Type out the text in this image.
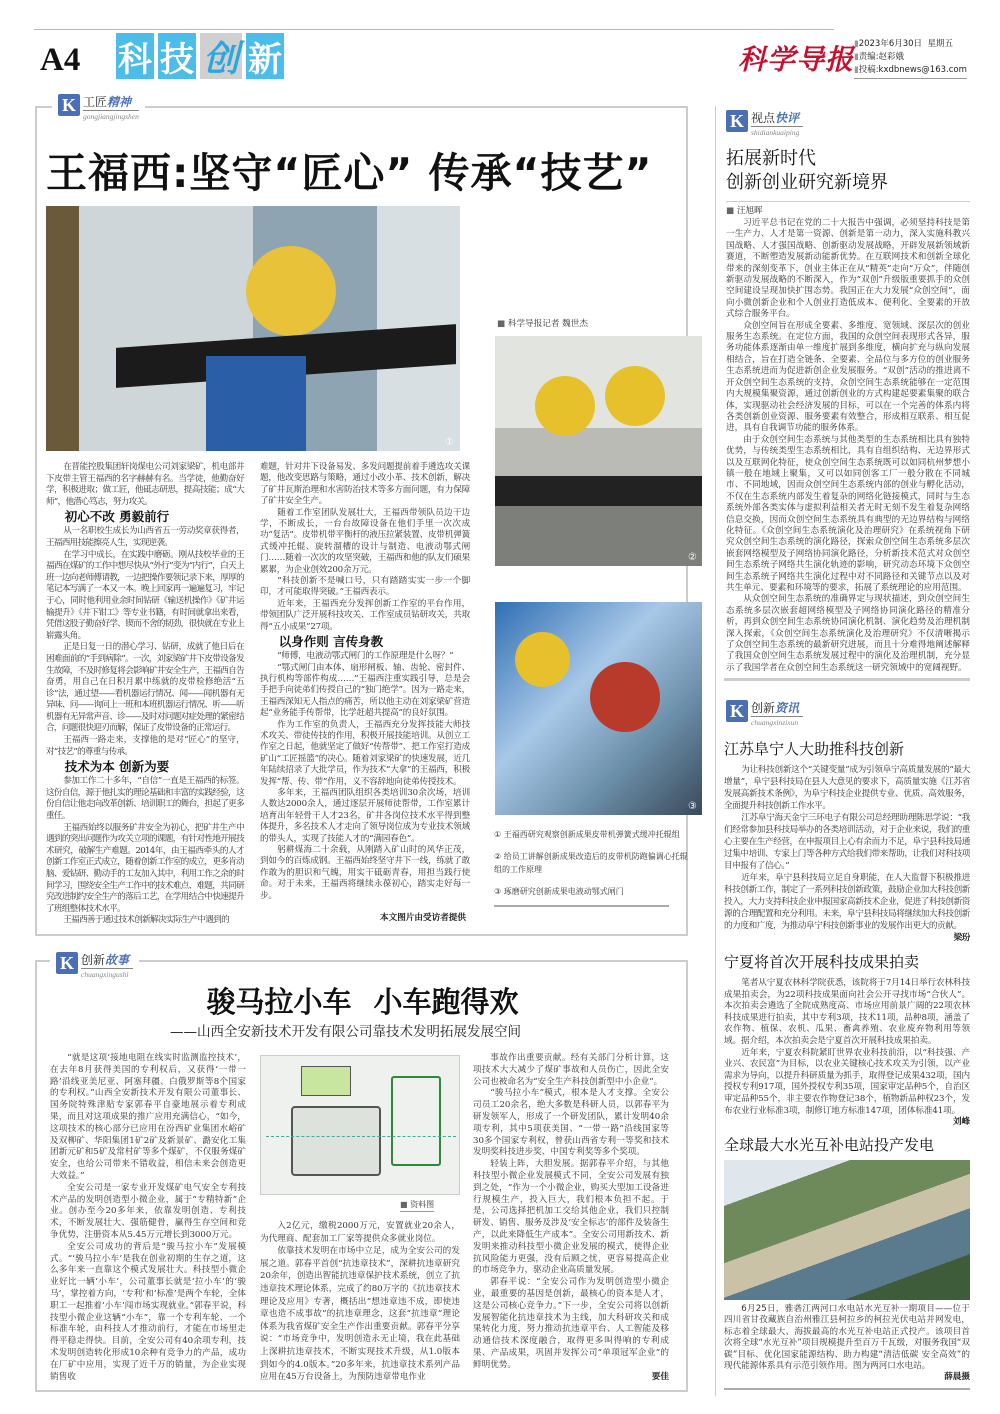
A4 科 技 创 新	科学导报 ▮2023年6月30日 星期五
▮责编:赵彩娥
▮投稿:kxdbnews@163.com
K 工匠精神
gongjiangjingshen
王福西:坚守“匠心” 传承“技艺”
①
■ 科学导报记者 魏世杰
②
③
① 王福西研究观察创新成果皮带机弹簧式缓冲托辊组
② 给员工讲解创新成果改造后的皮带机防跑偏调心托辊组的工作原理
③ 琢磨研究创新成果电液动鄂式闸门

在晋能控股集团轩岗煤电公司刘家梁矿，机电部井下皮带主管王福西的名字赫赫有名。当学徒，他勤奋好学，积极进取；做工匠，他砥志研思，提高技能；成“大师”，他潜心笃志，努力攻关。

初心不改 勇毅前行

从一名职校生成长为山西省五一劳动奖章获得者，王福西用技能擦亮人生，实现逆袭。

在学习中成长，在实践中磨砺。刚从技校毕业的王福西在煤矿的工作中想尽快从“外行”变为“内行”，白天上班一边向老师傅请教，一边把操作要领记录下来，厚厚的笔记本写满了一本又一本。晚上回家再一遍遍复习，牢记于心，同时他利用业余时间钻研《输送机操作》《矿井运输提升》《井下钳工》等专业书籍，有时间就拿出来看，凭借这股子勤奋好学、锲而不舍的韧劲，很快就在专业上崭露头角。

正是日复一日的潜心学习、钻研，成就了他日后在困难面前的“手到病除”。一次，刘家梁矿井下皮带设备发生故障，不及时修复将会影响矿井安全生产，王福西自告奋勇，用自己在日积月累中练就的皮带检修绝活“五诊”法，通过望——看机器运行情况、闻——闻机器有无异味、问——询问上一班和本班机器运行情况、听——听机器有无异常声音、诊——及时对问题对症处理的紧密结合，问题很快迎刃而解，保证了皮带设备的正常运行。

王福西一路走来，支撑他的是对“匠心”的坚守，对“技艺”的尊重与传承。

技术为本 创新为要

参加工作二十多年，“自信”一直是王福西的标签。这份自信，源于他扎实的理论基础和丰富的实践经验，这份自信让他走向改革创新、培训职工的舞台，担起了更多重任。

王福西始终以服务矿井安全为初心，把矿井生产中遇到的突出问题作为攻关立项的课题，有针对性地开展技术研究，破解生产难题。2014年，由王福西牵头的人才创新工作室正式成立，随着创新工作室的成立，更多肯动脑、爱钻研、勤动手的工友加入其中，利用工作之余的时间学习，围绕安全生产工作中的技术难点、难题，共同研究改进制约安全生产的落后工艺，在学用结合中快速提升了班组整体技术水平。

王福西善于通过技术创新解决实际生产中遇到的

难题，针对井下设备易发、多发问题提前着手遴选攻关课题，他改变思路与策略，通过小改小革、技术创新，解决了矿井瓦斯治理和水害防治技术等多方面问题，有力保障了矿井安全生产。

随着工作室团队发展壮大，王福西带领队员边干边学，不断成长，一台台故障设备在他们手里一次次成功“复活”。皮带机带平衡杆的液压拉紧装置、皮带机弹簧式缓冲托辊、旋转溜槽的设计与制造、电液动鄂式闸门……随着一次次的攻坚突破，王福西和他的队友们硕果累累，为企业创效200余万元。

“科技创新不是喊口号，只有踏踏实实一步一个脚印，才可能取得突破。”王福西表示。

近年来，王福西充分发挥创新工作室的平台作用，带领团队广泛开展科技攻关、工作室成员钻研攻关，共取得“五小成果”27项。

以身作则 言传身教

“师傅，电液动鄂式闸门的工作原理是什么呀？”

“鄂式闸门由本体、扇形闸板、轴、齿轮、密封件、执行机构等部件构成……”王福西注重实践引导，总是会手把手向徒弟们传授自己的“独门绝学”。因为一路走来，王福西深知无人指点的痛苦，所以他主动在刘家梁矿营造起“业务能手传帮带，比学赶超共提高”的良好氛围。

作为工作室的负责人，王福西充分发挥技能大师技术攻关、带徒传技的作用，积极开展技能培训。从创立工作室之日起，他就坚定了做好“传帮带”、把工作室打造成矿山“工匠摇篮”的决心。随着刘家梁矿的快速发展，近几年陆续招录了大批学员，作为技术“大拿”的王福西，积极发挥“帮、传、带”作用，义不容辞地向徒弟传授技术。

多年来，王福西团队组织各类培训30余次场，培训人数达2000余人，通过逐层开展师徒帮带，工作室累计培育出年轻骨干人才23名，矿井各岗位技术水平得到整体提升，多名技术人才走向了领导岗位成为专业技术领域的带头人，实现了技能人才的“满园春色”。

躬耕煤海二十余载，从刚踏入矿山时的风华正茂，到如今的百炼成钢。王福西始终坚守井下一线，练就了敢作敢为的胆识和气魄，用实干砥砺青春，用担当践行使命。对于未来，王福西将继续永葆初心，踏实走好每一步。

本文图片由受访者提供
K 视点快评
shidiankuaiping
拓展新时代
创新创业研究新境界
■ 汪旭晖

习近平总书记在党的二十大报告中强调，必须坚持科技是第一生产力、人才是第一资源、创新是第一动力，深入实施科教兴国战略、人才强国战略、创新驱动发展战略，开辟发展新领域新赛道，不断塑造发展新动能新优势。在互联网技术和创新全球化带来的深刻变革下，创业主体正在从“精英”走向“万众”，伴随创新驱动发展战略的不断深入，作为“双创”升级版重要抓手的众创空间建设呈现加快扩围态势。我国正在大力发展“众创空间”，面向小微创新企业和个人创业打造低成本、便利化、全要素的开放式综合服务平台。

众创空间旨在形成全要素、多维度、宽领域、深层次的创业服务生态系统。在定位方面，我国的众创空间表现形式各异，服务功能体系逐渐由单一维度扩展到多维度，横向扩充与纵向发展相结合，旨在打造全链条、全要素、全品位与多方位的创业服务生态系统进而为促进新创企业发展服务。“双创”活动的推进离不开众创空间生态系统的支持，众创空间生态系统能够在一定范围内大规模集聚资源，通过创新创业的方式构建起要素集聚的联合体，实现驱动社会经济发展的目标，可以在一个完善的体系内将各类创新创业资源、服务要素有效整合，形成相互联系、相互促进，具有自我调节功能的服务体系。

由于众创空间生态系统与其他类型的生态系统相比具有独特优势，与传统类型生态系统相比，具有自组织结构、无边界形式以及互联网化特征，使众创空间生态系统既可以如同杭州梦想小镇一般在地域上聚集，又可以如同创客工厂一般分散在不同城市、不同地域，因而众创空间生态系统内部的创业与孵化活动，不仅在生态系统内部发生着复杂的网络化链接模式，同时与生态系统外部各类实体与虚拟利益相关者无时无刻不发生着复杂网络信息交换，因而众创空间生态系统具有典型的无边界结构与网络化特征。《众创空间生态系统演化及治理研究》在系统视角下研究众创空间生态系统的演化路径，探索众创空间生态系统多层次嵌套网络模型及子网络协同演化路径，分析新技术范式对众创空间生态系统子网络共生演化轨迹的影响，研究动态环境下众创空间生态系统子网络共生演化过程中对不同路径和关键节点以及对共生单元、要素和环境等的要求，拓展了系统理论的应用范围。

从众创空间生态系统的准确界定与现状描述，到众创空间生态系统多层次嵌套超网络模型及子网络协同演化路径的精准分析，再到众创空间生态系统协同演化机制、演化趋势及治理机制深入探索，《众创空间生态系统演化及治理研究》不仅清晰揭示了众创空间生态系统的最新研究进展，而且十分难得地阐述解释了我国众创空间生态系统发展过程中的演化及治理机制，充分显示了我国学者在众创空间生态系统这一研究领域中的宽阔视野。

K 创新资讯
chuangxinzixun
江苏阜宁人大助推科技创新

为让科技创新这个“关键变量”成为引领阜宁高质量发展的“最大增量”，阜宁县科技局在县人大意见的要求下，高质量实施《江苏省发展高新技术条例》，为阜宁科技企业提供专业、优质、高效服务，全面提升科技创新工作水平。

江苏阜宁海天金宁三环电子有限公司总经理助理陈思学说：“我们经常参加县科技局举办的各类培训活动，对于企业来说，我们的重心主要在生产经营，在申报项目上心有余而力不足，阜宁县科技局通过集中培训、专家上门等各种方式给我们带来帮助，让我们对科技项目申报有了信心。”

近年来，阜宁县科技局立足自身职能，在人大监督下积极推进科技创新工作，制定了一系列科技创新政策，鼓励企业加大科技创新投入，大力支持科技企业申报国家高新技术企业，促进了科技创新资源的合理配置和充分利用。未来，阜宁县科技局将继续加大科技创新的力度和广度，为推动阜宁科技创新事业的发展作出更大的贡献。

梁玢
宁夏将首次开展科技成果拍卖

笔者从宁夏农林科学院获悉，该院将于7月14日举行农林科技成果拍卖会，为22项科技成果面向社会公开寻找市场“合伙人”。本次拍卖会遴选了全院成熟度高、市场应用前景广阔的22项农林科技成果进行拍卖，其中专利3项，技术11项，品种8项，涵盖了农作物、植保、农机、瓜果、畜禽养殖、农业废弃物利用等领域。据介绍，本次拍卖会是宁夏首次开展科技成果拍卖。

近年来，宁夏农科院紧盯世界农业科技前沿，以“科技强、产业兴、农民富”为目标，以农业关键核心技术攻关为引领，以产业需求为导向，以提升科研质量为抓手，取得登记成果432项，国内授权专利917项，国外授权专利35项，国家审定品种5个，自治区审定品种55个，非主要农作物登记38个，植物新品种权23个，发布农业行业标准3项，制修订地方标准147项，团体标准41项。

刘峰
全球最大水光互补电站投产发电

6月25日，雅砻江两河口水电站水光互补一期项目——位于四川省甘孜藏族自治州雅江县柯拉乡的柯拉光伏电站并网发电，标志着全球最大、海拔最高的水光互补电站正式投产。该项目首次将全球“水光互补”项目规模提升至百万千瓦级，对服务我国“双碳”目标、优化国家能源结构、助力构建“清洁低碳 安全高效”的现代能源体系具有示范引领作用。图为两河口水电站。

薛晨摄
K 创新故事
chuangxingushi
骏马拉小车 小车跑得欢
——山西全安新技术开发有限公司靠技术发明拓展发展空间

“就是这项‘接地电阻在线实时监测监控技术’，在去年8月获得美国的专利权后，又获得‘一带一路’沿线亚美尼亚、阿塞拜疆、白俄罗斯等8个国家的专利权。”山西全安新技术开发有限公司董事长、国务院特殊津贴专家郭春平自豪地展示着专利成果，而且对这项成果的推广应用充满信心，“如今，这项技术的核心部分已应用在汾西矿业集团水峪矿及双柳矿、华阳集团1矿2矿及新景矿、潞安化工集团新元矿和5矿及常村矿等多个煤矿，不仅服务煤矿安全，也给公司带来不错收益，相信未来会创造更大效益。”

全安公司是一家专业开发煤矿电气安全专利技术产品的发明创造型小微企业，属于“专精特新”企业。创办至今20多年来，依靠发明创造、专利技术，不断发展壮大、强筋健骨，赢得生存空间和竞争优势，注册资本从5.45万元增长到3000万元。

全安公司成功的背后是“骏马拉小车”发展模式。“‘骏马拉小车’是我在创业初期的生存之道，这么多年来一直靠这个模式发展壮大。科技型小微企业好比一辆‘小车’，公司董事长就是‘拉小车’的‘骏马’，掌控着方向，‘专利’和‘标准’是两个车轮，全体职工一起推着‘小车’闯市场实现就业。”郭春平说，科技型小微企业这辆“小车”，靠一个专利车轮、一个标准车轮，由科技人才推动前行，才能在市场里走得平稳走得快。目前，全安公司有40余项专利，技术发明创造转化形成10余种有竞争力的产品，成功在厂矿中应用，实现了近千万的销量，为企业实现销售收

■ 资料图

入2亿元，缴税2000万元，安置就业20余人，为代理商、配套加工厂家等提供众多就业岗位。

依靠技术发明在市场中立足，成为全安公司的发展之道。郭春平首创“抗违章技术”，深耕抗违章研究20余年，创造出智能抗违章保护技术系统，创立了抗违章技术理论体系，完成了约80万字的《抗违章技术理论及应用》专著，概括出“想违章违不成，即使违章也造不成事故”的抗违章理念，这套“抗违章”理论体系为我省煤矿安全生产作出重要贡献。郭春平分享说：“市场竞争中，发明创造永无止境，我在此基础上深耕抗违章技术，不断实现技术升级，从1.0版本到如今的4.0版本。”20多年来，抗违章技术系列产品应用在45万台设备上，为预防违章带电作业

事故作出重要贡献。经有关部门分析计算，这项技术大大减少了煤矿事故和人员伤亡，因此全安公司也被命名为“安全生产科技创新型中小企业”。

“骏马拉小车”模式，根本是人才支撑。全安公司员工20余名，绝大多数是科研人员，以郭春平为研发领军人，形成了一个研发团队，累计发明40余项专利，其中5项获美国、“一带一路”沿线国家等30多个国家专利权，曾获山西省专利一等奖和技术发明奖科技进步奖、中国专利奖等多个奖项。

轻装上阵，大胆发展。据郭春平介绍，与其他科技型小微企业发展模式不同，全安公司发展有独到之处，“作为一个小微企业，购买大型加工设备进行规模生产，投入巨大，我们根本负担不起。于是，公司选择把机加工交给其他企业，我们只控制研发、销售、服务及涉及‘安全标志’的部件及装备生产，以此来降低生产成本”。全安公司用新技术、新发明来推动科技型小微企业发展的模式，使得企业抗风险能力更强，没有后顾之忧，更容易提高企业的市场竞争力，驱动企业高质量发展。

郭春平说：“全安公司作为发明创造型小微企业，最重要的基因是创新，最核心的资本是人才，这是公司核心竞争力。”下一步，全安公司将以创新发展智能化抗违章技术为主线，加大科研攻关和成果转化力度，努力推动抗违章平台、人工智能及移动通信技术深度融合，取得更多叫得响的专利成果、产品成果，巩固并发挥公司“单项冠军企业”的鲜明优势。

要佳
